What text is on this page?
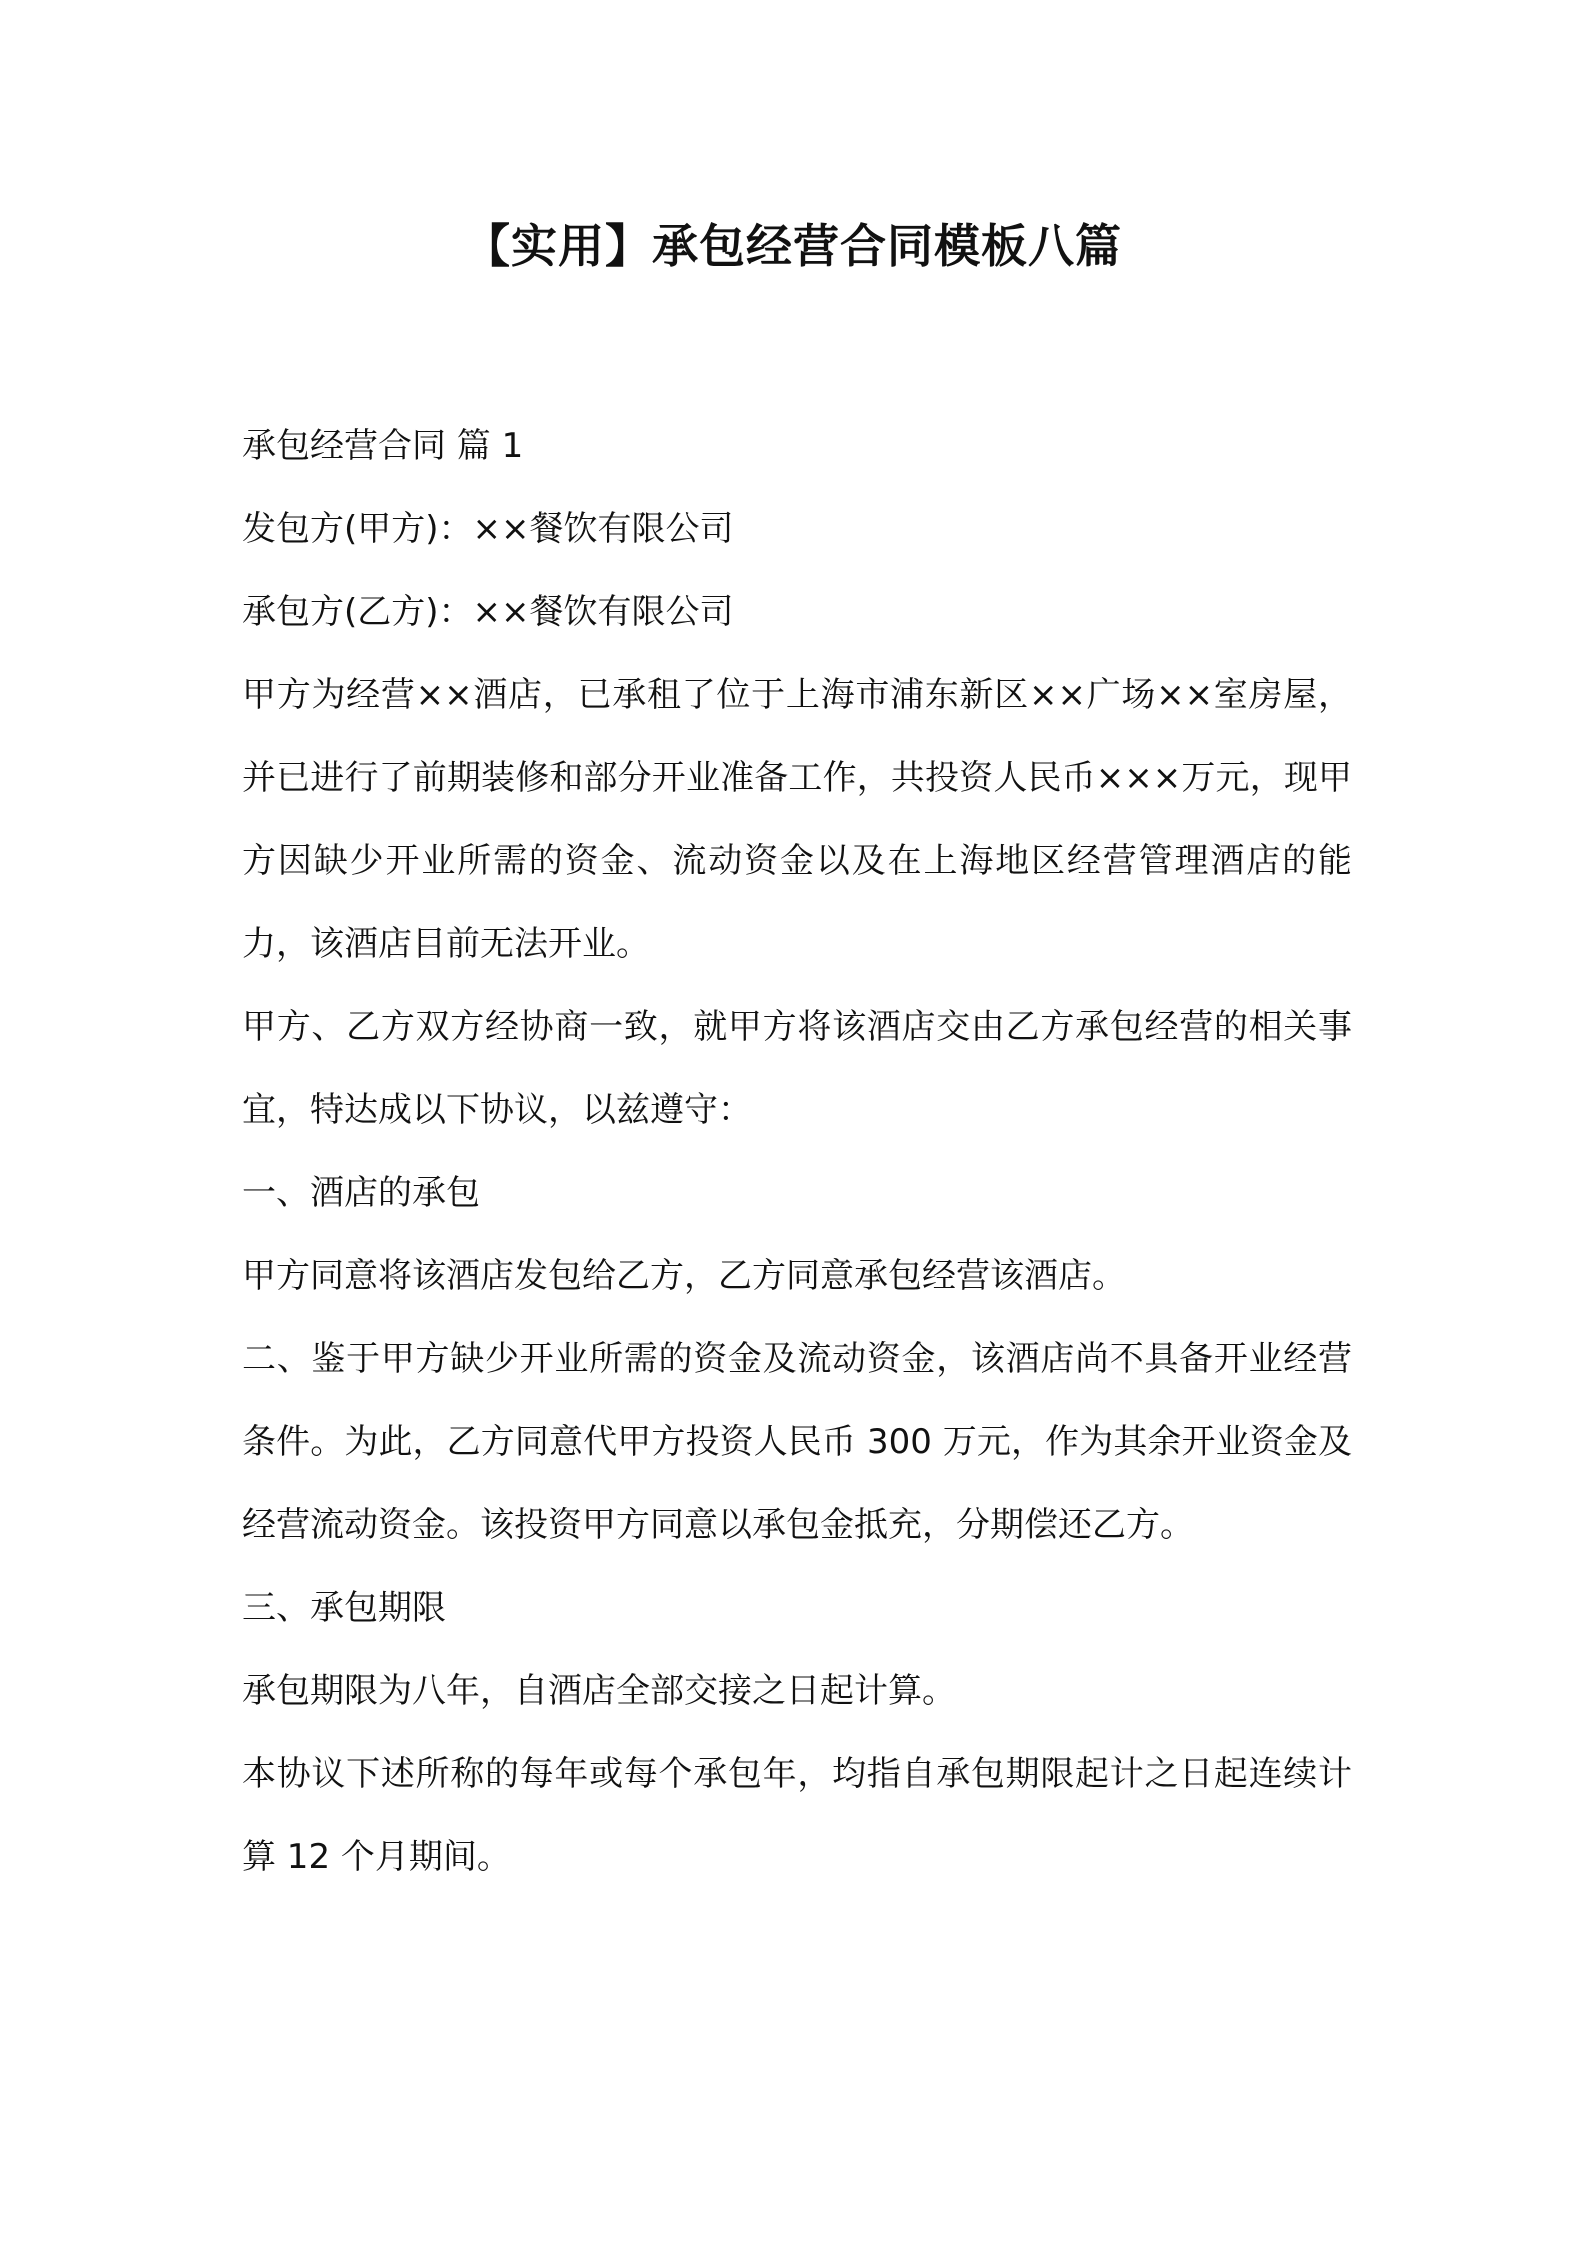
【实用】承包经营合同模板八篇

承包经营合同 篇 1

发包方(甲方)：××餐饮有限公司

承包方(乙方)：××餐饮有限公司

甲方为经营××酒店，已承租了位于上海市浦东新区××广场××室房屋，并已进行了前期装修和部分开业准备工作，共投资人民币×××万元，现甲方因缺少开业所需的资金、流动资金以及在上海地区经营管理酒店的能力，该酒店目前无法开业。

甲方、乙方双方经协商一致，就甲方将该酒店交由乙方承包经营的相关事宜，特达成以下协议，以兹遵守：

一、酒店的承包

甲方同意将该酒店发包给乙方，乙方同意承包经营该酒店。

二、鉴于甲方缺少开业所需的资金及流动资金，该酒店尚不具备开业经营条件。为此，乙方同意代甲方投资人民币 300 万元，作为其余开业资金及经营流动资金。该投资甲方同意以承包金抵充，分期偿还乙方。

三、承包期限

承包期限为八年，自酒店全部交接之日起计算。

本协议下述所称的每年或每个承包年，均指自承包期限起计之日起连续计算 12 个月期间。
